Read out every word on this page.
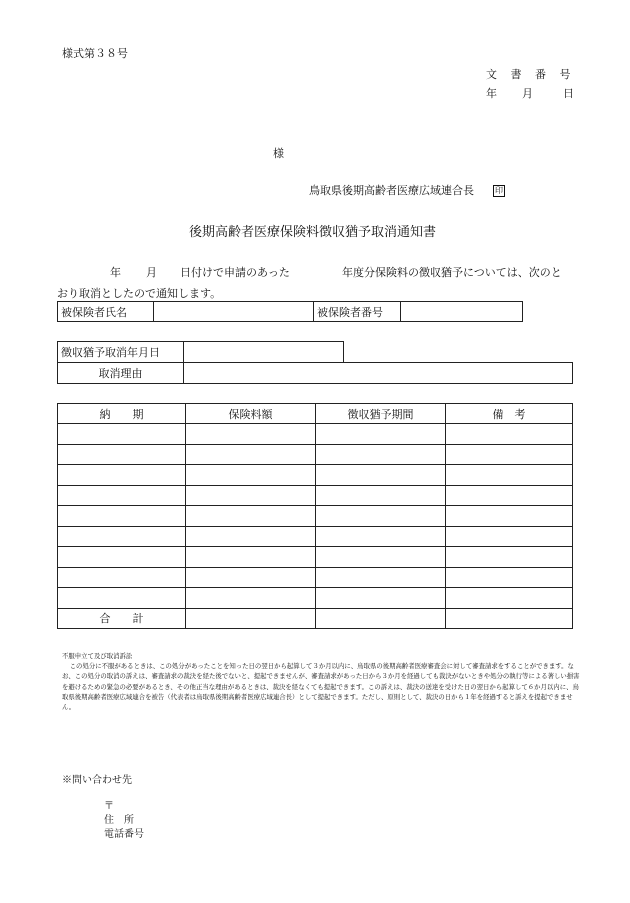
様式第３８号
文 書 番 号
年 月	日
様
鳥取県後期高齢者医療広域連合長	印
後期高齢者医療保険料徴収猶予取消通知書
年 月 日付けで申請のあった	年度分保険料の徴収猶予については、次のと
おり取消としたので通知します。
被保険者氏名		被保険者番号	
徴収猶予取消年月日	
取消理由	
納　　期	保険料額	徴収猶予期間	備　考

合　　計			
不服申立て及び取消訴訟

この処分に不服があるときは、この処分があったことを知った日の翌日から起算して３か月以内に、鳥取県の後期高齢者医療審査会に対して審査請求をすることができます。なお、この処分の取消の訴えは、審査請求の裁決を経た後でないと、提起できませんが、審査請求があった日から３か月を経過しても裁決がないときや処分の執行等による著しい損害を避けるための緊急の必要があるとき、その他正当な理由があるときは、裁決を経なくても提起できます。この訴えは、裁決の送達を受けた日の翌日から起算して６か月以内に、鳥取県後期高齢者医療広域連合を被告（代表者は鳥取県後期高齢者医療広域連合長）として提起できます。ただし、原則として、裁決の日から１年を経過すると訴えを提起できません。

※問い合わせ先
〒
住　所
電話番号
